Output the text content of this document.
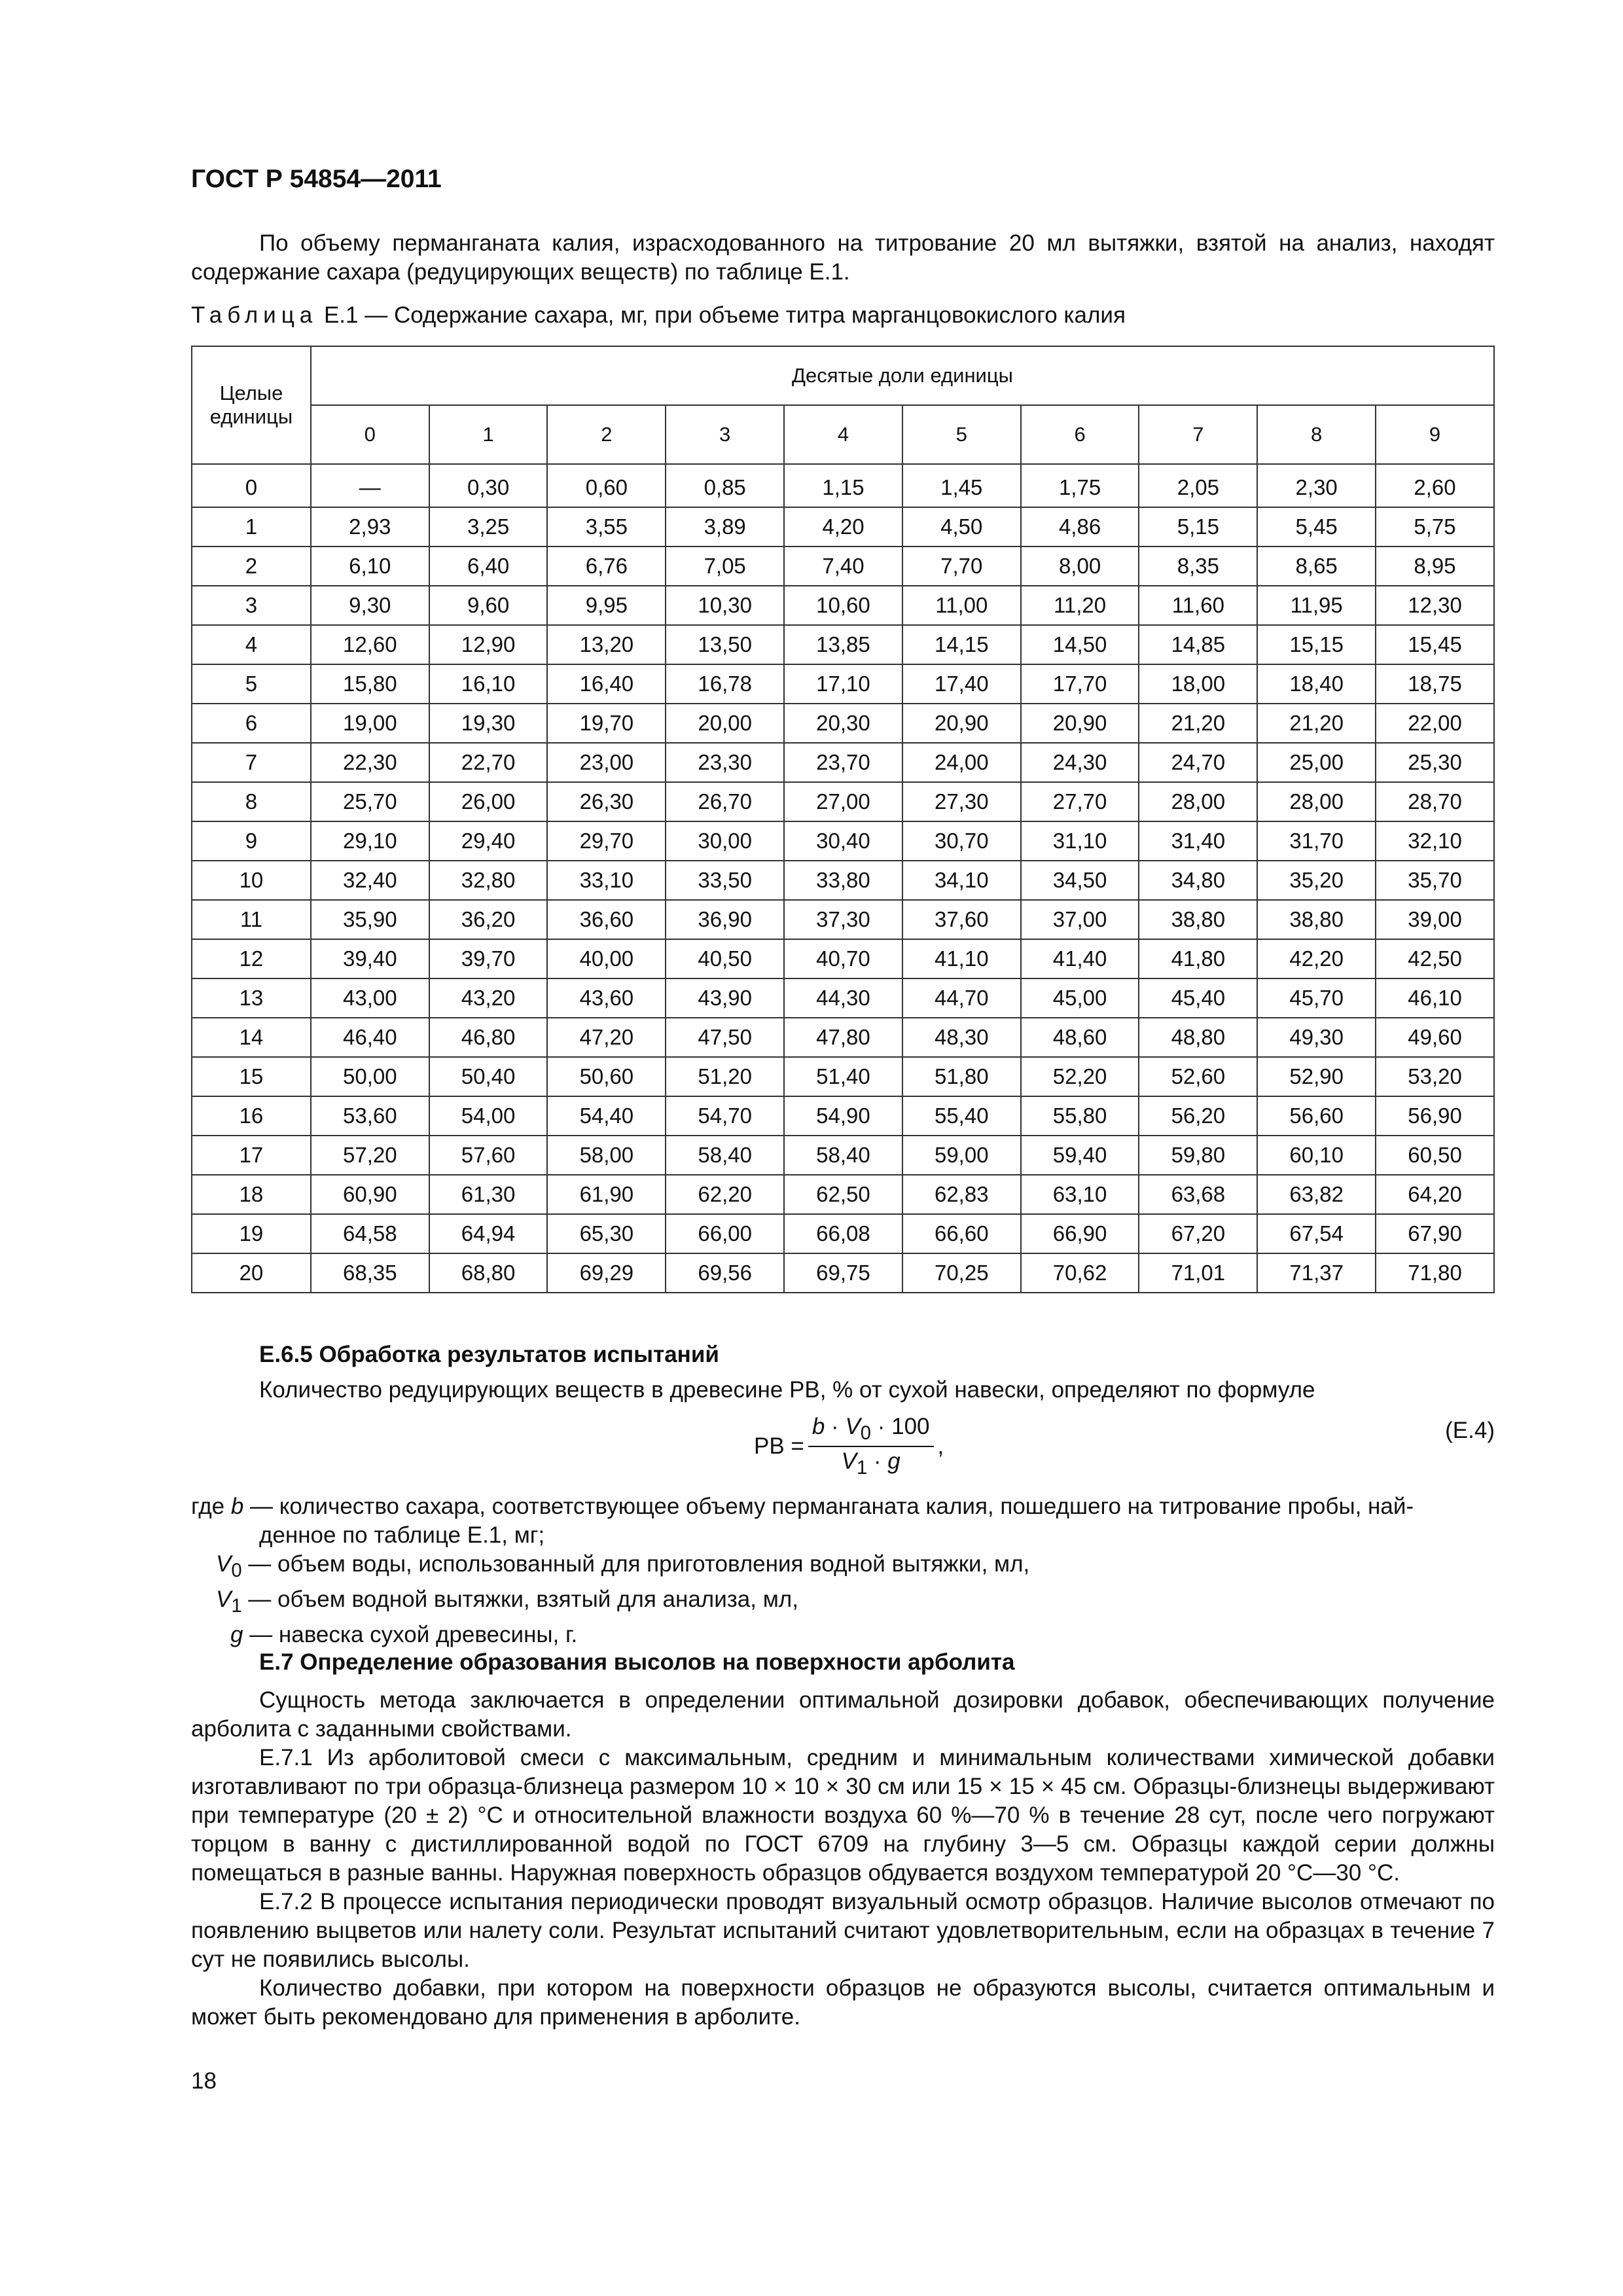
ГОСТ Р 54854—2011

По объему перманганата калия, израсходованного на титрование 20 мл вытяжки, взятой на анализ, находят содержание сахара (редуцирующих веществ) по таблице Е.1.

Таблица Е.1 — Содержание сахара, мг, при объеме титра марганцовокислого калия
Целые единицы	Десятые доли единицы									
	0	1	2	3	4	5	6	7	8	9
0	—	0,30	0,60	0,85	1,15	1,45	1,75	2,05	2,30	2,60
1	2,93	3,25	3,55	3,89	4,20	4,50	4,86	5,15	5,45	5,75
2	6,10	6,40	6,76	7,05	7,40	7,70	8,00	8,35	8,65	8,95
3	9,30	9,60	9,95	10,30	10,60	11,00	11,20	11,60	11,95	12,30
4	12,60	12,90	13,20	13,50	13,85	14,15	14,50	14,85	15,15	15,45
5	15,80	16,10	16,40	16,78	17,10	17,40	17,70	18,00	18,40	18,75
6	19,00	19,30	19,70	20,00	20,30	20,90	20,90	21,20	21,20	22,00
7	22,30	22,70	23,00	23,30	23,70	24,00	24,30	24,70	25,00	25,30
8	25,70	26,00	26,30	26,70	27,00	27,30	27,70	28,00	28,00	28,70
9	29,10	29,40	29,70	30,00	30,40	30,70	31,10	31,40	31,70	32,10
10	32,40	32,80	33,10	33,50	33,80	34,10	34,50	34,80	35,20	35,70
11	35,90	36,20	36,60	36,90	37,30	37,60	37,00	38,80	38,80	39,00
12	39,40	39,70	40,00	40,50	40,70	41,10	41,40	41,80	42,20	42,50
13	43,00	43,20	43,60	43,90	44,30	44,70	45,00	45,40	45,70	46,10
14	46,40	46,80	47,20	47,50	47,80	48,30	48,60	48,80	49,30	49,60
15	50,00	50,40	50,60	51,20	51,40	51,80	52,20	52,60	52,90	53,20
16	53,60	54,00	54,40	54,70	54,90	55,40	55,80	56,20	56,60	56,90
17	57,20	57,60	58,00	58,40	58,40	59,00	59,40	59,80	60,10	60,50
18	60,90	61,30	61,90	62,20	62,50	62,83	63,10	63,68	63,82	64,20
19	64,58	64,94	65,30	66,00	66,08	66,60	66,90	67,20	67,54	67,90
20	68,35	68,80	69,29	69,56	69,75	70,25	70,62	71,01	71,37	71,80
Е.6.5 Обработка результатов испытаний
Количество редуцирующих веществ в древесине РВ, % от сухой навески, определяют по формуле
РВ = $\frac{b \cdot V_0 \cdot 100}{V_1 \cdot g}$ ,
(Е.4)
где b — количество сахара, соответствующее объему перманганата калия, пошедшего на титрование пробы, най-
денное по таблице Е.1, мг;
$V_0$ — объем воды, использованный для приготовления водной вытяжки, мл,
$V_1$ — объем водной вытяжки, взятый для анализа, мл,
g — навеска сухой древесины, г.
Е.7 Определение образования высолов на поверхности арболита

Сущность метода заключается в определении оптимальной дозировки добавок, обеспечивающих получение арболита с заданными свойствами.

Е.7.1 Из арболитовой смеси с максимальным, средним и минимальным количествами химической добавки изготавливают по три образца-близнеца размером 10 × 10 × 30 см или 15 × 15 × 45 см. Образцы-близнецы выдерживают при температуре (20 ± 2) °С и относительной влажности воздуха 60 %—70 % в течение 28 сут, после чего погружают торцом в ванну с дистиллированной водой по ГОСТ 6709 на глубину 3—5 см. Образцы каждой серии должны помещаться в разные ванны. Наружная поверхность образцов обдувается воздухом температурой 20 °С—30 °С.

Е.7.2 В процессе испытания периодически проводят визуальный осмотр образцов. Наличие высолов отмечают по появлению выцветов или налету соли. Результат испытаний считают удовлетворительным, если на образцах в течение 7 сут не появились высолы.

Количество добавки, при котором на поверхности образцов не образуются высолы, считается оптимальным и может быть рекомендовано для применения в арболите.

18
